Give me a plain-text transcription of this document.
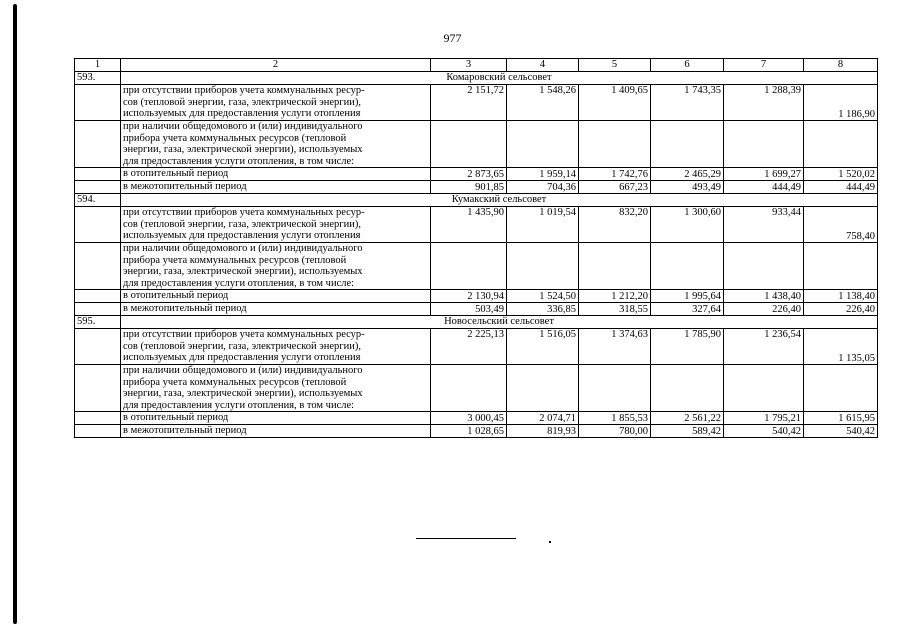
977
1	2	3	4	5	6	7	8
593.	Комаровский сельсовет						
	при отсутствии приборов учета коммунальных ресур-
сов (тепловой энергии, газа, электрической энергии),
используемых для предоставления услуги отопления	2 151,72	1 548,26	1 409,65	1 743,35	1 288,39	1 186,90
	при наличии общедомового и (или) индивидуального
прибора учета коммунальных ресурсов (тепловой
энергии, газа, электрической энергии), используемых
для предоставления услуги отопления, в том числе:						
	в отопительный период	2 873,65	1 959,14	1 742,76	2 465,29	1 699,27	1 520,02
	в межотопительный период	901,85	704,36	667,23	493,49	444,49	444,49
594.	Кумакский сельсовет						
	при отсутствии приборов учета коммунальных ресур-
сов (тепловой энергии, газа, электрической энергии),
используемых для предоставления услуги отопления	1 435,90	1 019,54	832,20	1 300,60	933,44	758,40
	при наличии общедомового и (или) индивидуального
прибора учета коммунальных ресурсов (тепловой
энергии, газа, электрической энергии), используемых
для предоставления услуги отопления, в том числе:						
	в отопительный период	2 130,94	1 524,50	1 212,20	1 995,64	1 438,40	1 138,40
	в межотопительный период	503,49	336,85	318,55	327,64	226,40	226,40
595.	Новосельский сельсовет						
	при отсутствии приборов учета коммунальных ресур-
сов (тепловой энергии, газа, электрической энергии),
используемых для предоставления услуги отопления	2 225,13	1 516,05	1 374,63	1 785,90	1 236,54	1 135,05
	при наличии общедомового и (или) индивидуального
прибора учета коммунальных ресурсов (тепловой
энергии, газа, электрической энергии), используемых
для предоставления услуги отопления, в том числе:						
	в отопительный период	3 000,45	2 074,71	1 855,53	2 561,22	1 795,21	1 615,95
	в межотопительный период	1 028,65	819,93	780,00	589,42	540,42	540,42
